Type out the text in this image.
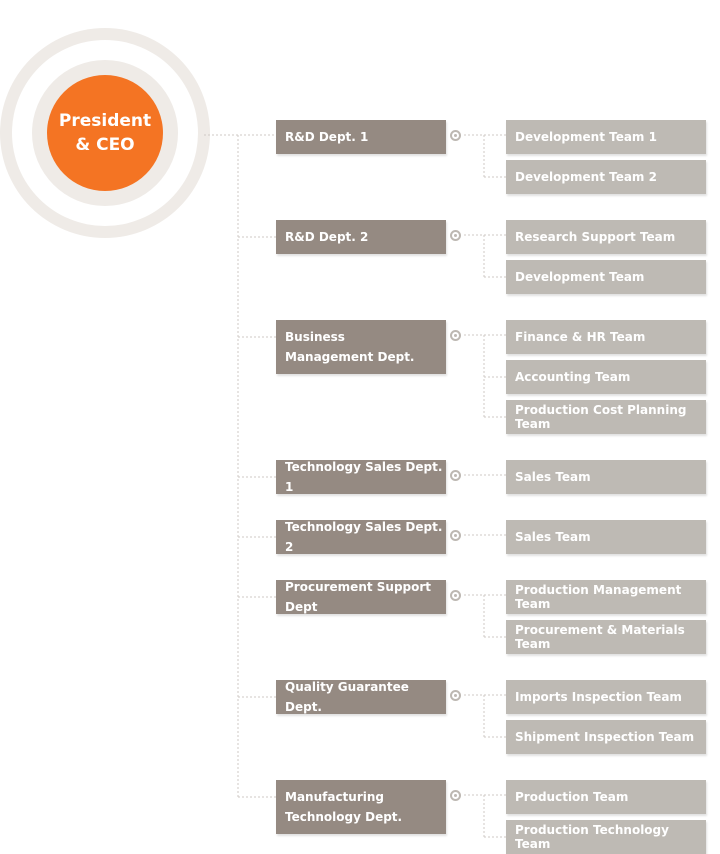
President
& CEO	R&D Dept. 1	Development Team 1
Development Team 2
R&D Dept. 2	Research Support Team
Development Team
Business
Management Dept.
Finance & HR Team
Accounting Team
Production Cost Planning Team
Technology Sales Dept. 1
Sales Team
Technology Sales Dept. 2
Sales Team
Procurement Support Dept
Production Management Team
Procurement & Materials Team
Quality Guarantee Dept.
Imports Inspection Team
Shipment Inspection Team
Manufacturing
Technology Dept.
Production Team
Production Technology Team
